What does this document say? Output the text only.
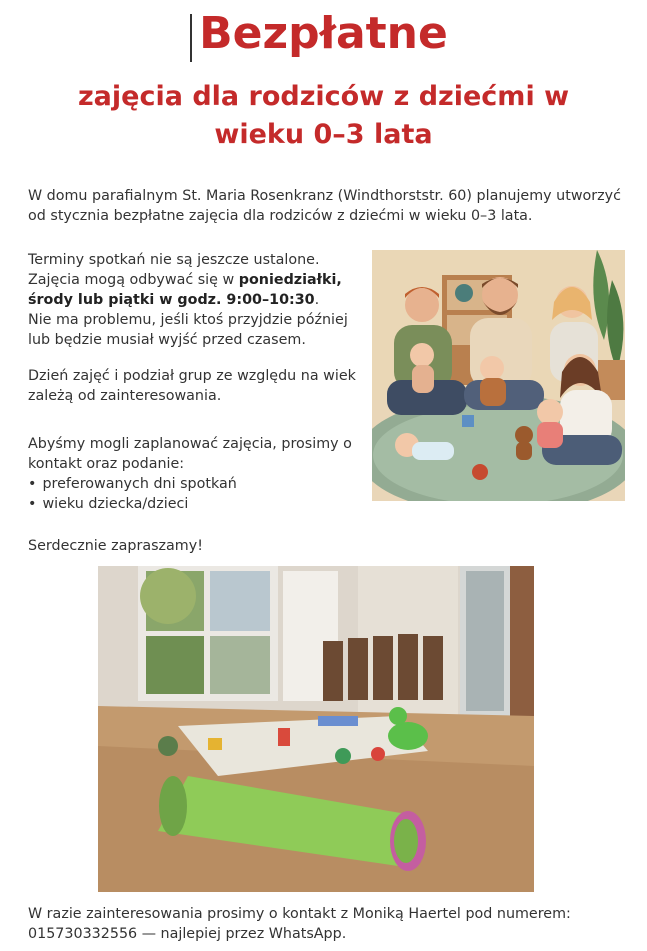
Bezpłatne
zajęcia dla rodziców z dziećmi w wieku 0–3 lata

W domu parafialnym St. Maria Rosenkranz (Windthorststr. 60) planujemy utworzyć od stycznia bezpłatne zajęcia dla rodziców z dziećmi w wieku 0–3 lata.

Terminy spotkań nie są jeszcze ustalone.
Zajęcia mogą odbywać się w poniedziałki, środy lub piątki w godz. 9:00–10:30.
Nie ma problemu, jeśli ktoś przyjdzie później lub będzie musiał wyjść przed czasem.

Dzień zajęć i podział grup ze względu na wiek zależą od zainteresowania.

Abyśmy mogli zaplanować zajęcia, prosimy o kontakt oraz podanie:
• preferowanych dni spotkań
• wieku dziecka/dzieci

Serdecznie zapraszamy!

W razie zainteresowania prosimy o kontakt z Moniką Haertel pod numerem: 015730332556 — najlepiej przez WhatsApp.
